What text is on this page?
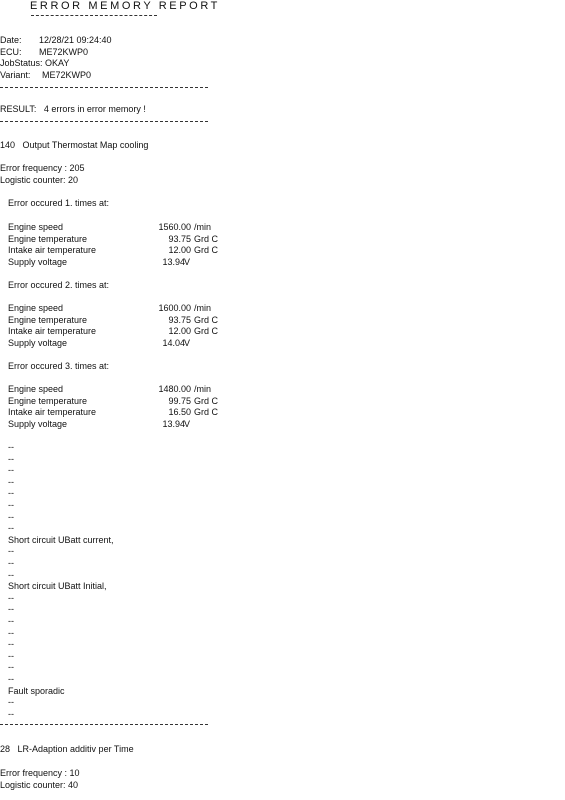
ERROR MEMORY REPORT
Date: 12/28/21 09:24:40
ECU: ME72KWP0
JobStatus: OKAY
Variant: ME72KWP0
RESULT:   4 errors in error memory !
140   Output Thermostat Map cooling
Error frequency : 205
Logistic counter: 20
Error occured 1. times at:
Engine speed	1560.00 /min
Engine temperature	93.75 Grd C
Intake air temperature	12.00 Grd C
Supply voltage	13.94 V
Error occured 2. times at:
Engine speed	1600.00 /min
Engine temperature	93.75 Grd C
Intake air temperature	12.00 Grd C
Supply voltage	14.04 V
Error occured 3. times at:
Engine speed	1480.00 /min
Engine temperature	99.75 Grd C
Intake air temperature	16.50 Grd C
Supply voltage	13.94 V
--
--
--
--
--
--
--
--
Short circuit UBatt current,
--
--
--
Short circuit UBatt Initial,
--
--
--
--
--
--
--
--
Fault sporadic
--
--
28   LR-Adaption additiv per Time
Error frequency : 10
Logistic counter: 40
